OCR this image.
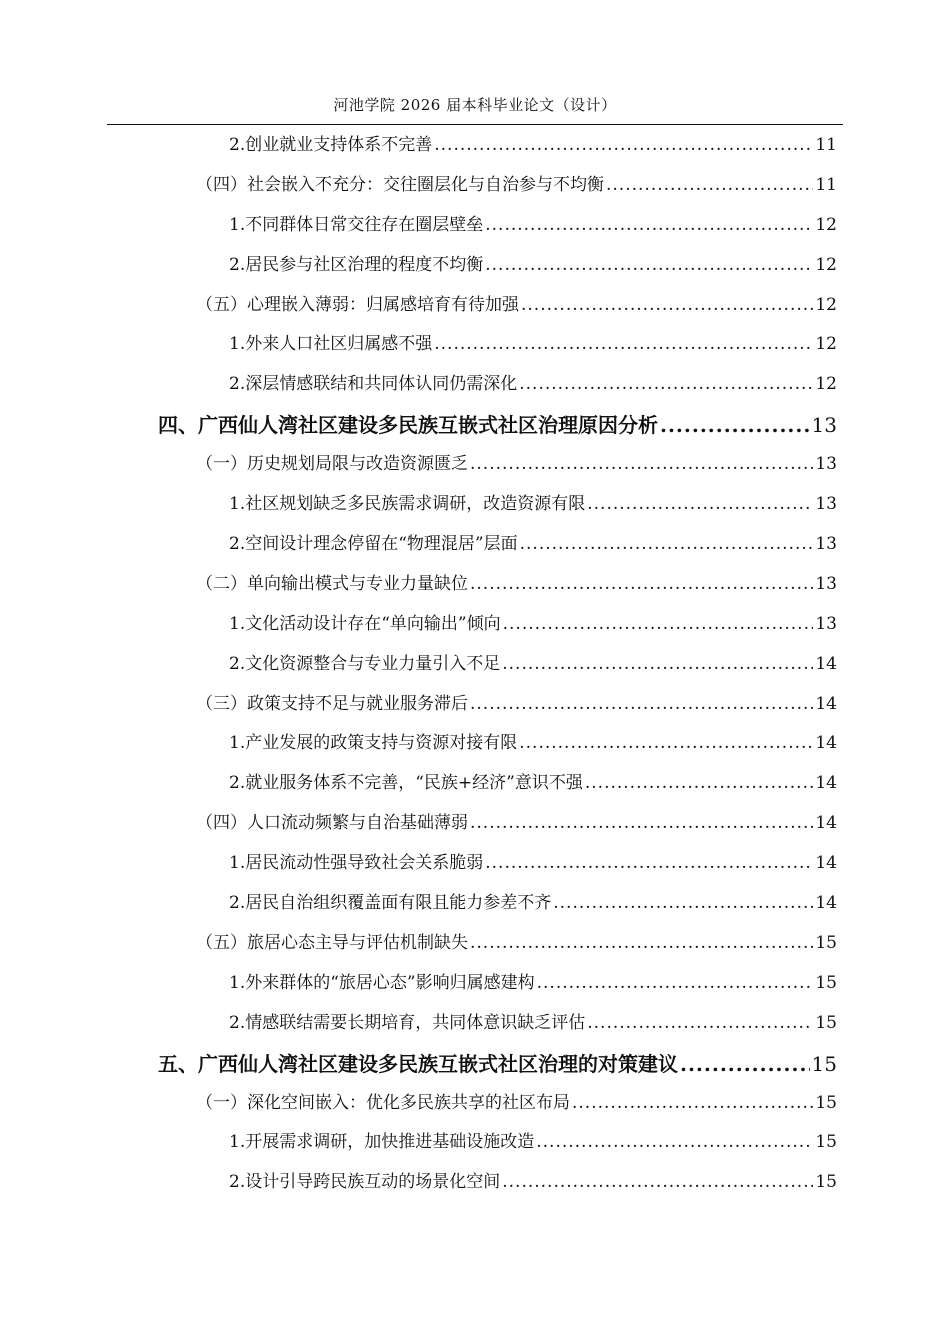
河池学院 2026 届本科毕业论文（设计）
2.创业就业支持体系不完善 .....	11
（四）社会嵌入不充分：交往圈层化与自治参与不均衡 .....	11
1.不同群体日常交往存在圈层壁垒 .....	12
2.居民参与社区治理的程度不均衡 .....	12
（五）心理嵌入薄弱：归属感培育有待加强 .....	12
1.外来人口社区归属感不强 .....	12
2.深层情感联结和共同体认同仍需深化 .....	12
四、广西仙人湾社区建设多民族互嵌式社区治理原因分析 .....	13
（一）历史规划局限与改造资源匮乏 .....	13
1.社区规划缺乏多民族需求调研，改造资源有限 .....	13
2.空间设计理念停留在“物理混居”层面 .....	13
（二）单向输出模式与专业力量缺位 .....	13
1.文化活动设计存在“单向输出”倾向 .....	13
2.文化资源整合与专业力量引入不足 .....	14
（三）政策支持不足与就业服务滞后 .....	14
1.产业发展的政策支持与资源对接有限 .....	14
2.就业服务体系不完善，“民族+经济”意识不强 .....	14
（四）人口流动频繁与自治基础薄弱 .....	14
1.居民流动性强导致社会关系脆弱 .....	14
2.居民自治组织覆盖面有限且能力参差不齐 .....	14
（五）旅居心态主导与评估机制缺失 .....	15
1.外来群体的“旅居心态”影响归属感建构 .....	15
2.情感联结需要长期培育，共同体意识缺乏评估 .....	15
五、广西仙人湾社区建设多民族互嵌式社区治理的对策建议 .....	15
（一）深化空间嵌入：优化多民族共享的社区布局 .....	15
1.开展需求调研，加快推进基础设施改造 .....	15
2.设计引导跨民族互动的场景化空间 .....	15
